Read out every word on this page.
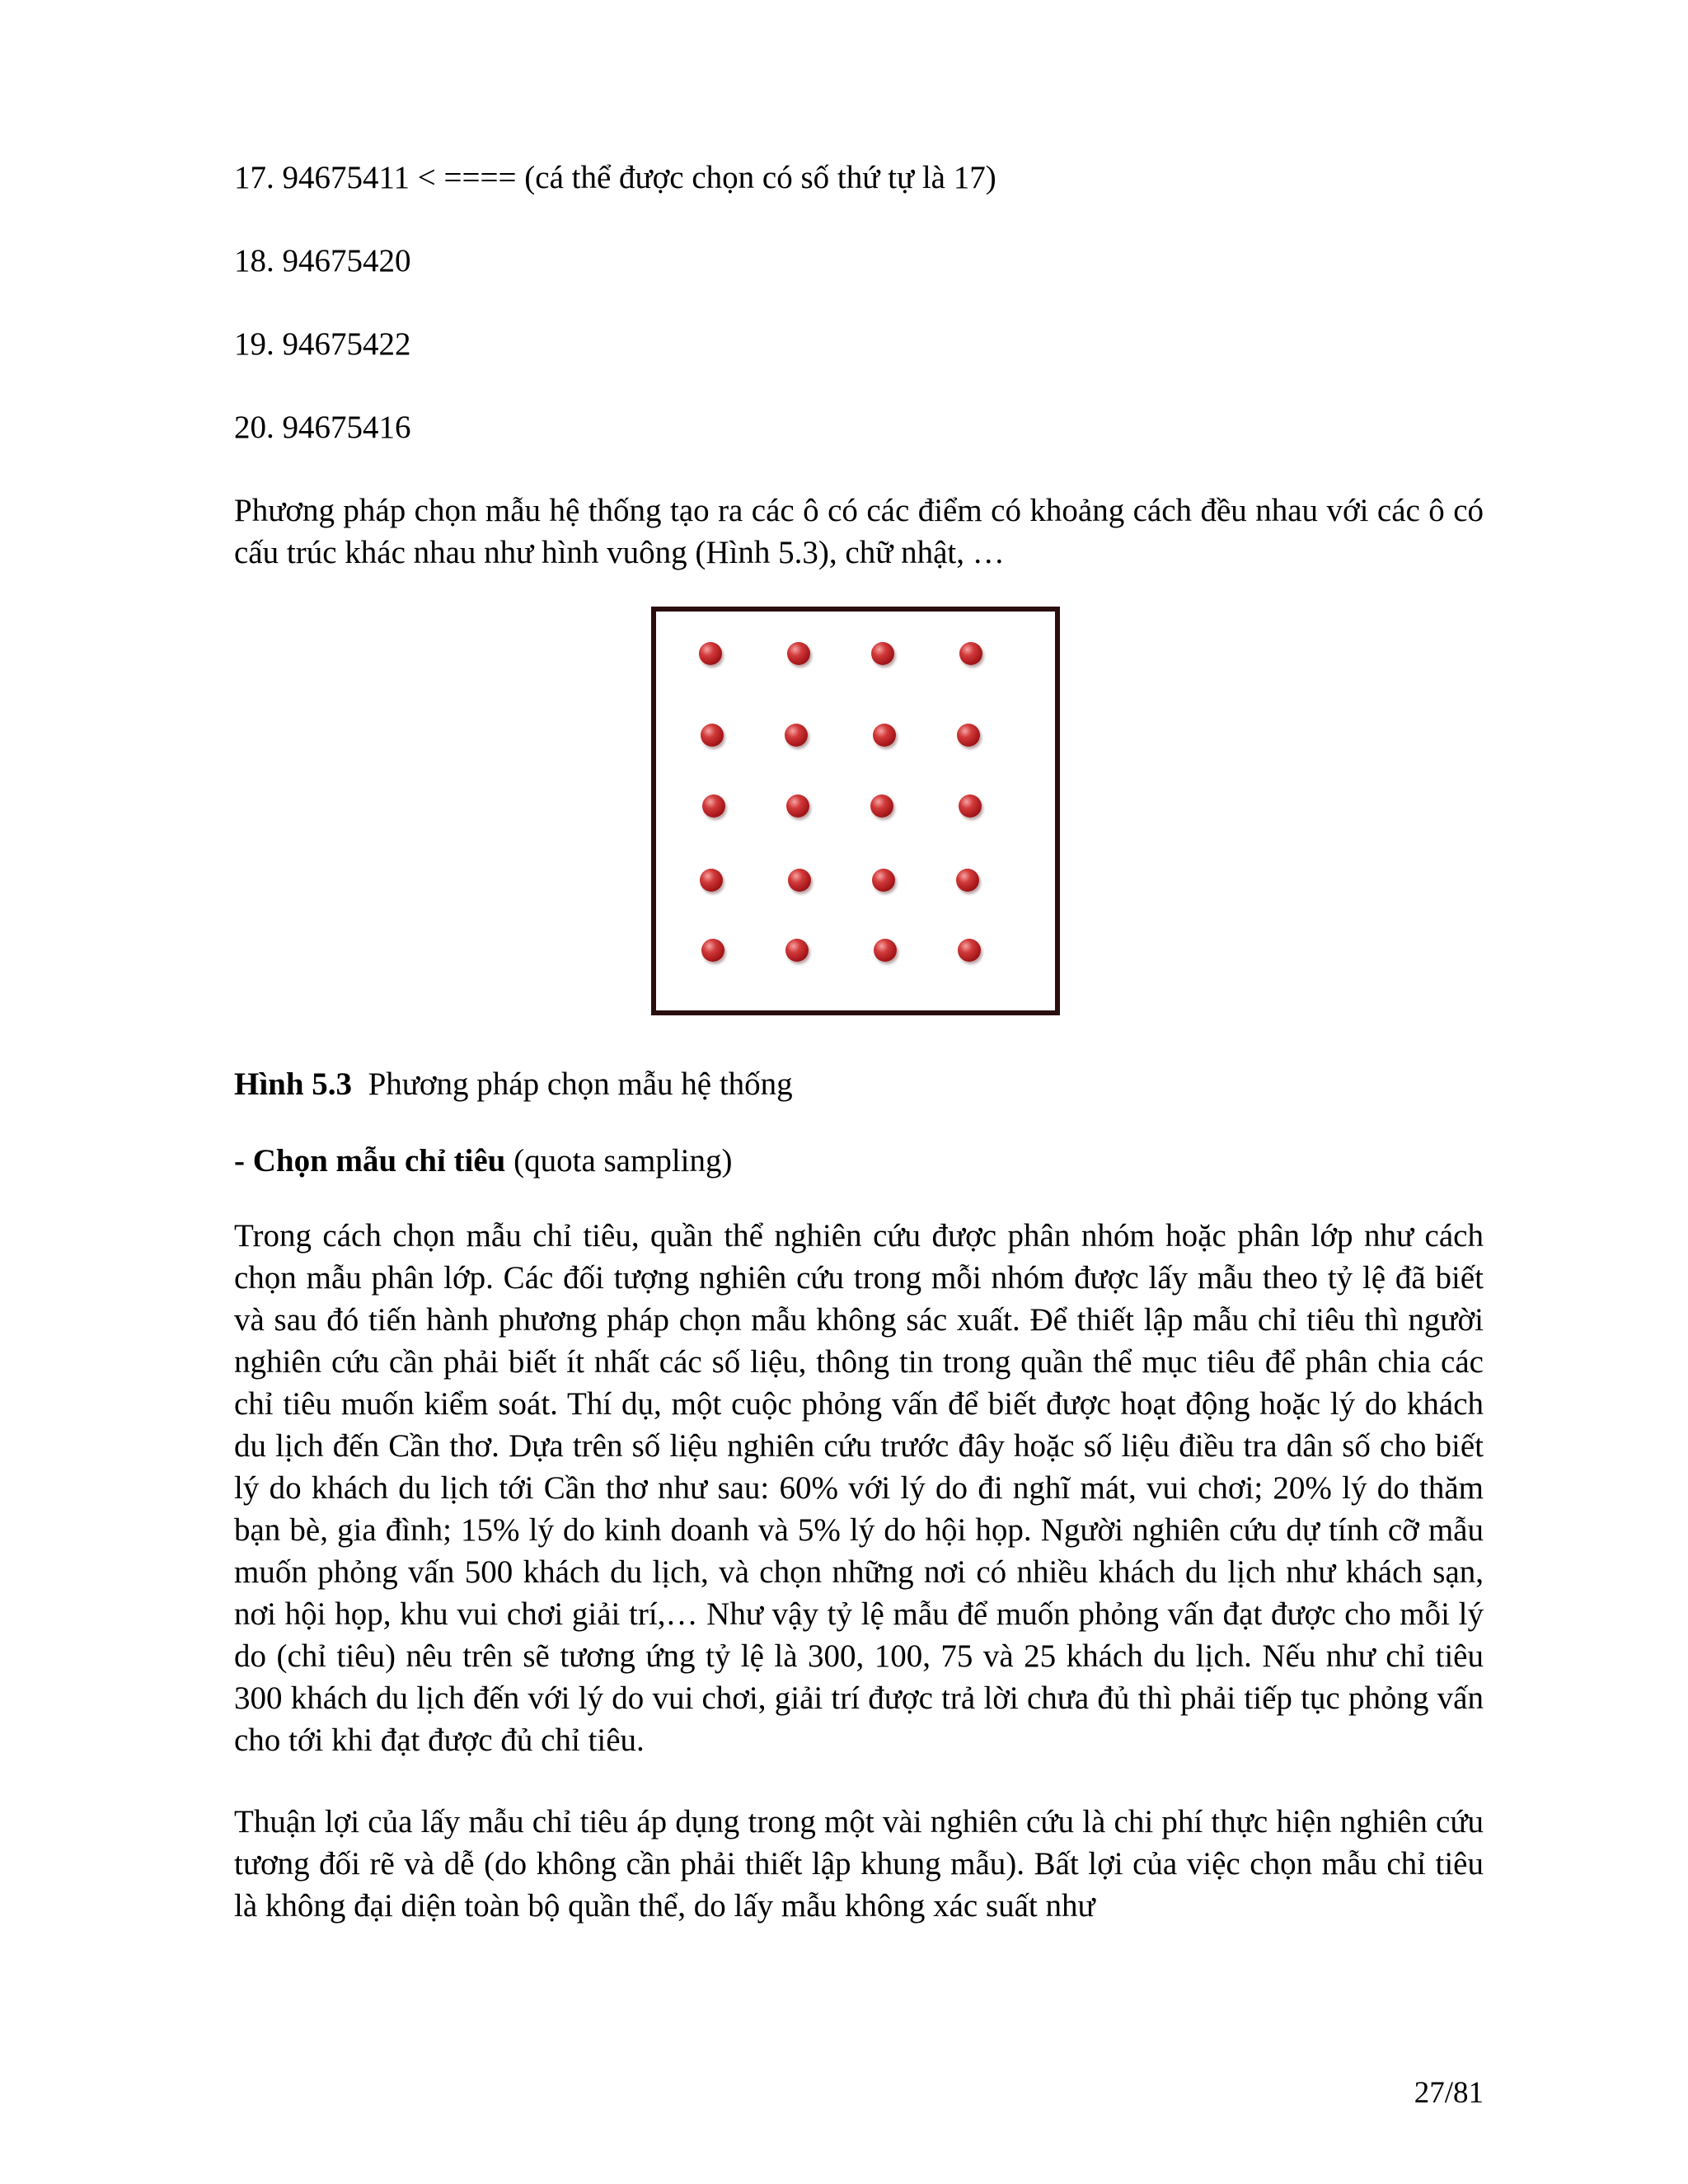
17. 94675411 < ==== (cá thể được chọn có số thứ tự là 17)

18. 94675420

19. 94675422

20. 94675416

Phương pháp chọn mẫu hệ thống tạo ra các ô có các điểm có khoảng cách đều nhau với các ô có cấu trúc khác nhau như hình vuông (Hình 5.3), chữ nhật, …

Hình 5.3 Phương pháp chọn mẫu hệ thống

- Chọn mẫu chỉ tiêu (quota sampling)

Trong cách chọn mẫu chỉ tiêu, quần thể nghiên cứu được phân nhóm hoặc phân lớp như cách chọn mẫu phân lớp. Các đối tượng nghiên cứu trong mỗi nhóm được lấy mẫu theo tỷ lệ đã biết và sau đó tiến hành phương pháp chọn mẫu không sác xuất. Để thiết lập mẫu chỉ tiêu thì người nghiên cứu cần phải biết ít nhất các số liệu, thông tin trong quần thể mục tiêu để phân chia các chỉ tiêu muốn kiểm soát. Thí dụ, một cuộc phỏng vấn để biết được hoạt động hoặc lý do khách du lịch đến Cần thơ. Dựa trên số liệu nghiên cứu trước đây hoặc số liệu điều tra dân số cho biết lý do khách du lịch tới Cần thơ như sau: 60% với lý do đi nghĩ mát, vui chơi; 20% lý do thăm bạn bè, gia đình; 15% lý do kinh doanh và 5% lý do hội họp. Người nghiên cứu dự tính cỡ mẫu muốn phỏng vấn 500 khách du lịch, và chọn những nơi có nhiều khách du lịch như khách sạn, nơi hội họp, khu vui chơi giải trí,… Như vậy tỷ lệ mẫu để muốn phỏng vấn đạt được cho mỗi lý do (chỉ tiêu) nêu trên sẽ tương ứng tỷ lệ là 300, 100, 75 và 25 khách du lịch. Nếu như chỉ tiêu 300 khách du lịch đến với lý do vui chơi, giải trí được trả lời chưa đủ thì phải tiếp tục phỏng vấn cho tới khi đạt được đủ chỉ tiêu.

Thuận lợi của lấy mẫu chỉ tiêu áp dụng trong một vài nghiên cứu là chi phí thực hiện nghiên cứu tương đối rẽ và dễ (do không cần phải thiết lập khung mẫu). Bất lợi của việc chọn mẫu chỉ tiêu là không đại diện toàn bộ quần thể, do lấy mẫu không xác suất như

27/81
